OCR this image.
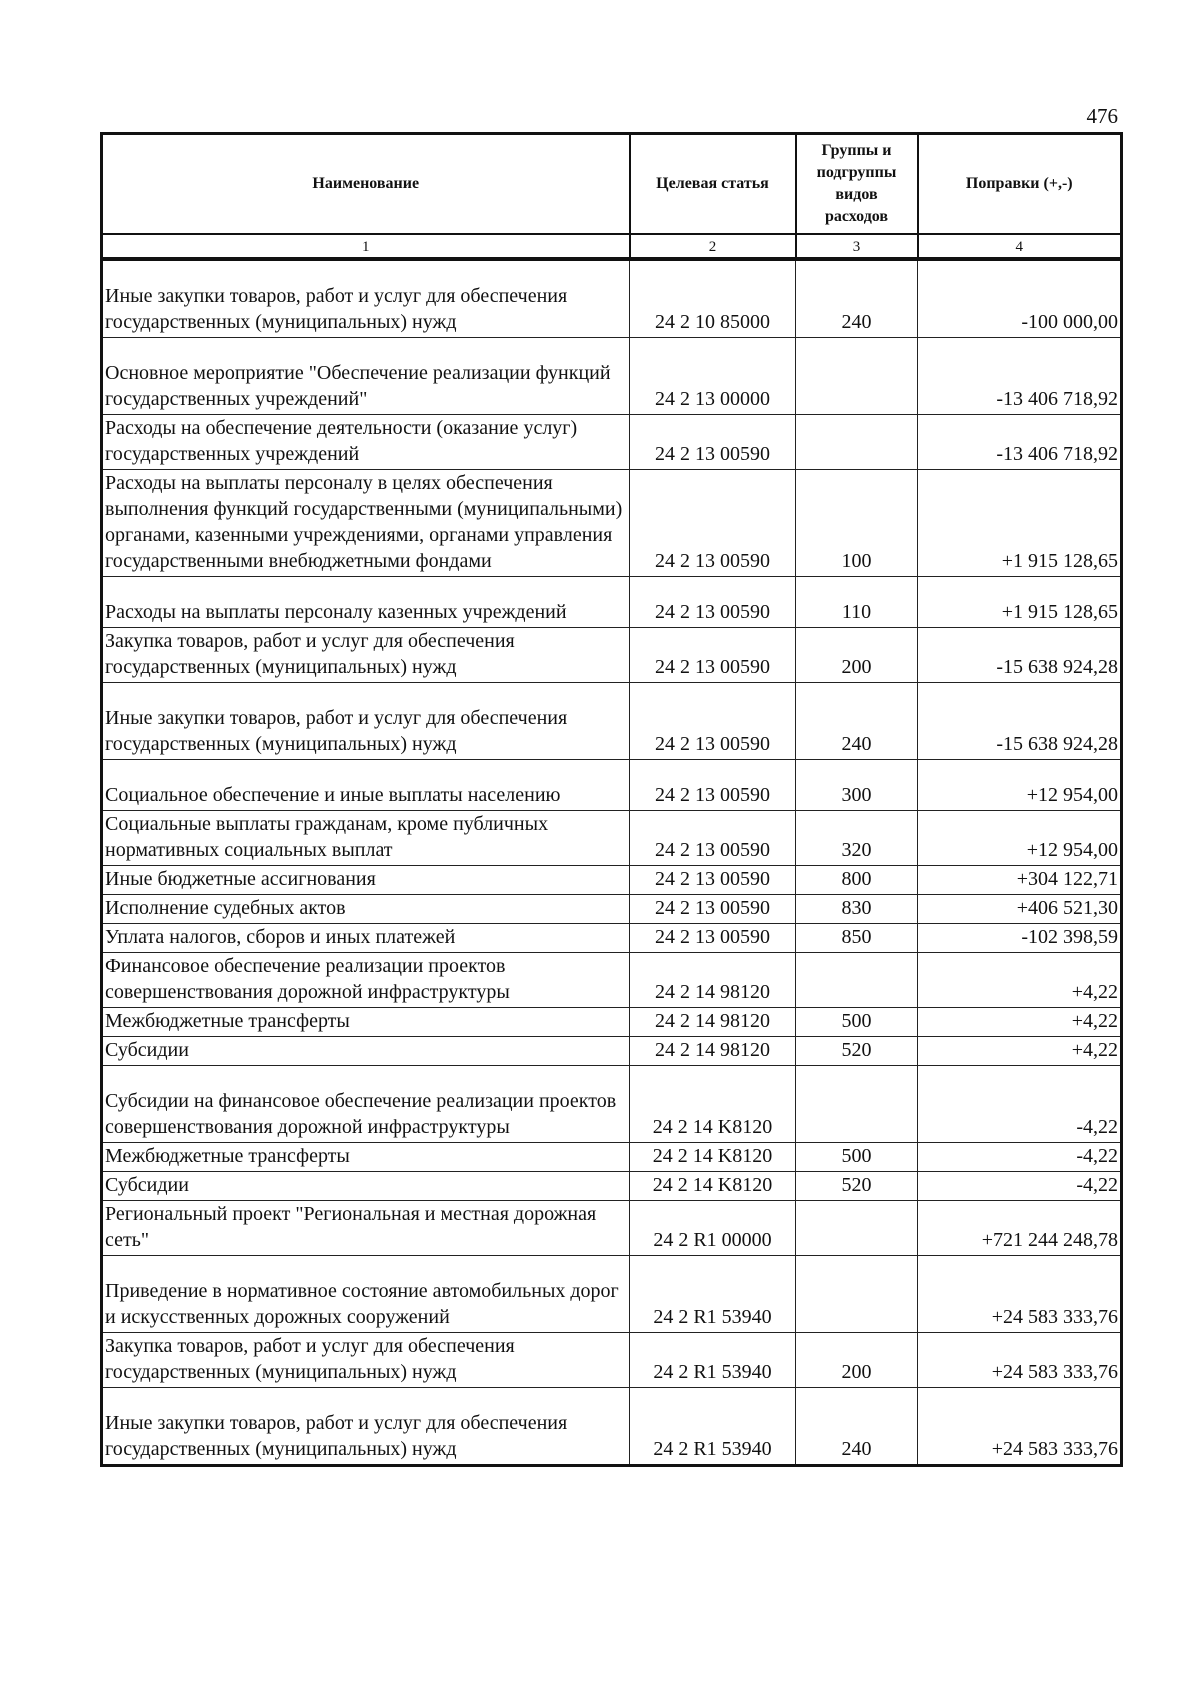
476
Наименование	Целевая статья	Группы и подгруппы видов расходов	Поправки (+,-)
1	2	3	4

Иные закупки товаров, работ и услуг для обеспечения государственных (муниципальных) нужд	24 2 10 85000	240	-100 000,00

Основное мероприятие "Обеспечение реализации функций государственных учреждений"	24 2 13 00000		-13 406 718,92
Расходы на обеспечение деятельности (оказание услуг) государственных учреждений	24 2 13 00590		-13 406 718,92
Расходы на выплаты персоналу в целях обеспечения выполнения функций государственными (муниципальными) органами, казенными учреждениями, органами управления государственными внебюджетными фондами	24 2 13 00590	100	+1 915 128,65

Расходы на выплаты персоналу казенных учреждений	24 2 13 00590	110	+1 915 128,65
Закупка товаров, работ и услуг для обеспечения государственных (муниципальных) нужд	24 2 13 00590	200	-15 638 924,28

Иные закупки товаров, работ и услуг для обеспечения государственных (муниципальных) нужд	24 2 13 00590	240	-15 638 924,28

Социальное обеспечение и иные выплаты населению	24 2 13 00590	300	+12 954,00
Социальные выплаты гражданам, кроме публичных нормативных социальных выплат	24 2 13 00590	320	+12 954,00
Иные бюджетные ассигнования	24 2 13 00590	800	+304 122,71
Исполнение судебных актов	24 2 13 00590	830	+406 521,30
Уплата налогов, сборов и иных платежей	24 2 13 00590	850	-102 398,59
Финансовое обеспечение реализации проектов совершенствования дорожной инфраструктуры	24 2 14 98120		+4,22
Межбюджетные трансферты	24 2 14 98120	500	+4,22
Субсидии	24 2 14 98120	520	+4,22

Субсидии на финансовое обеспечение реализации проектов совершенствования дорожной инфраструктуры	24 2 14 K8120		-4,22
Межбюджетные трансферты	24 2 14 K8120	500	-4,22
Субсидии	24 2 14 K8120	520	-4,22
Региональный проект "Региональная и местная дорожная сеть"	24 2 R1 00000		+721 244 248,78

Приведение в нормативное состояние автомобильных дорог и искусственных дорожных сооружений	24 2 R1 53940		+24 583 333,76
Закупка товаров, работ и услуг для обеспечения государственных (муниципальных) нужд	24 2 R1 53940	200	+24 583 333,76

Иные закупки товаров, работ и услуг для обеспечения государственных (муниципальных) нужд	24 2 R1 53940	240	+24 583 333,76
